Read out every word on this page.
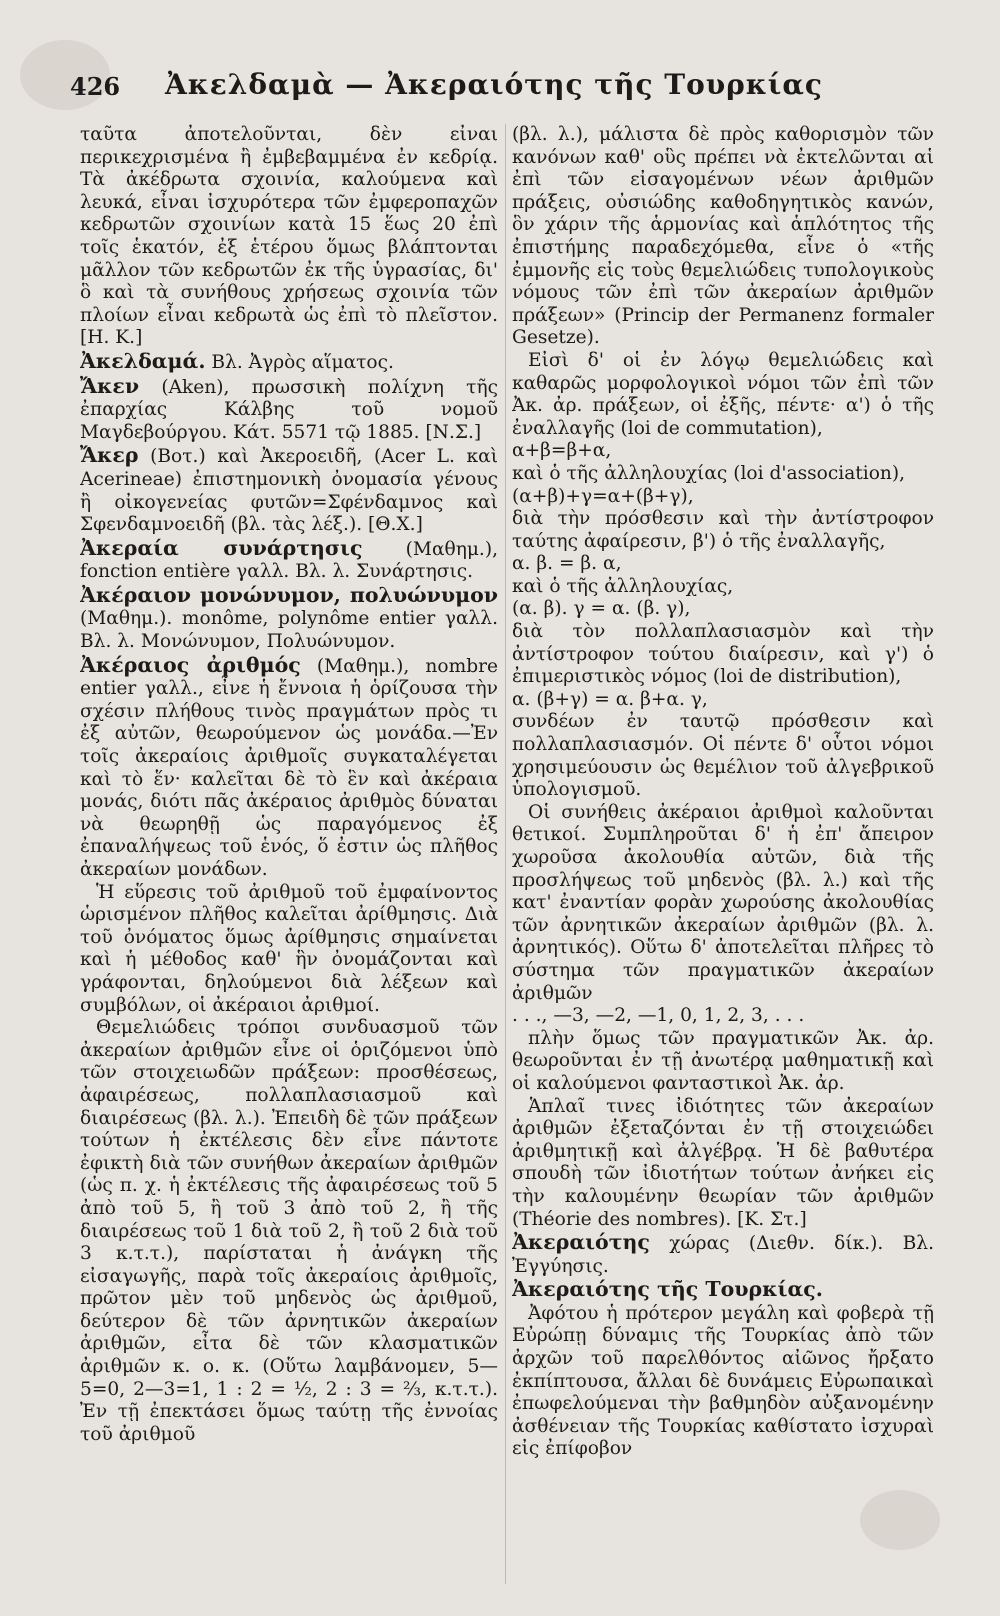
426 Ἀκελδαμὰ — Ἀκεραιότης τῆς Τουρκίας

ταῦτα ἀποτελοῦνται, δὲν εἶναι περικεχρισμένα ἢ ἐμβεβαμμένα ἐν κεδρίᾳ. Τὰ ἀκέδρωτα σχοινία, καλούμενα καὶ λευκά, εἶναι ἰσχυρότερα τῶν ἐμφεροπαχῶν κεδρωτῶν σχοινίων κατὰ 15 ἕως 20 ἐπὶ τοῖς ἑκατόν, ἐξ ἑτέρου ὅμως βλάπτονται μᾶλλον τῶν κεδρωτῶν ἐκ τῆς ὑγρασίας, δι' ὃ καὶ τὰ συνήθους χρήσεως σχοινία τῶν πλοίων εἶναι κεδρωτὰ ὡς ἐπὶ τὸ πλεῖστον. [Η. Κ.]

Ἀκελδαμά. Βλ. Ἀγρὸς αἵματος.

Ἄκεν (Aken), πρωσσικὴ πολίχνη τῆς ἐπαρχίας Κάλβης τοῦ νομοῦ Μαγδεβούργου. Κάτ. 5571 τῷ 1885. [Ν.Σ.]

Ἄκερ (Βοτ.) καὶ Ἀκεροειδῆ, (Acer L. καὶ Acerineae) ἐπιστημονικὴ ὀνομασία γένους ἢ οἰκογενείας φυτῶν=Σφένδαμνος καὶ Σφενδαμνοειδῆ (βλ. τὰς λέξ.). [Θ.Χ.]

Ἀκεραία συνάρτησις (Μαθημ.), fonction entière γαλλ. Βλ. λ. Συνάρτησις.

Ἀκέραιον μονώνυμον, πολυώνυμον (Μαθημ.). monôme, polynôme entier γαλλ. Βλ. λ. Μονώνυμον, Πολυώνυμον.

Ἀκέραιος ἀριθμός (Μαθημ.), nombre entier γαλλ., εἶνε ἡ ἔννοια ἡ ὁρίζουσα τὴν σχέσιν πλήθους τινὸς πραγμάτων πρὸς τι ἐξ αὐτῶν, θεωρούμενον ὡς μονάδα.—Ἐν τοῖς ἀκεραίοις ἀριθμοῖς συγκαταλέγεται καὶ τὸ ἕν· καλεῖται δὲ τὸ ἓν καὶ ἀκέραια μονάς, διότι πᾶς ἀκέραιος ἀριθμὸς δύναται νὰ θεωρηθῇ ὡς παραγόμενος ἐξ ἐπαναλήψεως τοῦ ἑνός, ὅ ἐστιν ὡς πλῆθος ἀκεραίων μονάδων.

Ἡ εὕρεσις τοῦ ἀριθμοῦ τοῦ ἐμφαίνοντος ὡρισμένον πλῆθος καλεῖται ἀρίθμησις. Διὰ τοῦ ὀνόματος ὅμως ἀρίθμησις σημαίνεται καὶ ἡ μέθοδος καθ' ἣν ὀνομάζονται καὶ γράφονται, δηλούμενοι διὰ λέξεων καὶ συμβόλων, οἱ ἀκέραιοι ἀριθμοί.

Θεμελιώδεις τρόποι συνδυασμοῦ τῶν ἀκεραίων ἀριθμῶν εἶνε οἱ ὁριζόμενοι ὑπὸ τῶν στοιχειωδῶν πράξεων: προσθέσεως, ἀφαιρέσεως, πολλαπλασιασμοῦ καὶ διαιρέσεως (βλ. λ.). Ἐπειδὴ δὲ τῶν πράξεων τούτων ἡ ἐκτέλεσις δὲν εἶνε πάντοτε ἐφικτὴ διὰ τῶν συνήθων ἀκεραίων ἀριθμῶν (ὡς π. χ. ἡ ἐκτέλεσις τῆς ἀφαιρέσεως τοῦ 5 ἀπὸ τοῦ 5, ἢ τοῦ 3 ἀπὸ τοῦ 2, ἢ τῆς διαιρέσεως τοῦ 1 διὰ τοῦ 2, ἢ τοῦ 2 διὰ τοῦ 3 κ.τ.τ.), παρίσταται ἡ ἀνάγκη τῆς εἰσαγωγῆς, παρὰ τοῖς ἀκεραίοις ἀριθμοῖς, πρῶτον μὲν τοῦ μηδενὸς ὡς ἀριθμοῦ, δεύτερον δὲ τῶν ἀρνητικῶν ἀκεραίων ἀριθμῶν, εἶτα δὲ τῶν κλασματικῶν ἀριθμῶν κ. ο. κ. (Οὕτω λαμβάνομεν, 5—5=0, 2—3=1, 1 : 2 = ½, 2 : 3 = ⅔, κ.τ.τ.). Ἐν τῇ ἐπεκτάσει ὅμως ταύτῃ τῆς ἐννοίας τοῦ ἀριθμοῦ

(βλ. λ.), μάλιστα δὲ πρὸς καθορισμὸν τῶν κανόνων καθ' οὓς πρέπει νὰ ἐκτελῶνται αἱ ἐπὶ τῶν εἰσαγομένων νέων ἀριθμῶν πράξεις, οὐσιώδης καθοδηγητικὸς κανών, ὃν χάριν τῆς ἁρμονίας καὶ ἁπλότητος τῆς ἐπιστήμης παραδεχόμεθα, εἶνε ὁ «τῆς ἐμμονῆς εἰς τοὺς θεμελιώδεις τυπολογικοὺς νόμους τῶν ἐπὶ τῶν ἀκεραίων ἀριθμῶν πράξεων» (Princip der Permanenz formaler Gesetze).

Εἰσὶ δ' οἱ ἐν λόγῳ θεμελιώδεις καὶ καθαρῶς μορφολογικοὶ νόμοι τῶν ἐπὶ τῶν Ἀκ. ἀρ. πράξεων, οἱ ἐξῆς, πέντε· α') ὁ τῆς ἐναλλαγῆς (loi de commutation),

α+β=β+α,

καὶ ὁ τῆς ἀλληλουχίας (loi d'association),

(α+β)+γ=α+(β+γ),

διὰ τὴν πρόσθεσιν καὶ τὴν ἀντίστροφον ταύτης ἀφαίρεσιν, β') ὁ τῆς ἐναλλαγῆς,

α. β. = β. α,

καὶ ὁ τῆς ἀλληλουχίας,

(α. β). γ = α. (β. γ),

διὰ τὸν πολλαπλασιασμὸν καὶ τὴν ἀντίστροφον τούτου διαίρεσιν, καὶ γ') ὁ ἐπιμεριστικὸς νόμος (loi de distribution),

α. (β+γ) = α. β+α. γ,

συνδέων ἐν ταυτῷ πρόσθεσιν καὶ πολλαπλασιασμόν. Οἱ πέντε δ' οὗτοι νόμοι χρησιμεύουσιν ὡς θεμέλιον τοῦ ἀλγεβρικοῦ ὑπολογισμοῦ.

Οἱ συνήθεις ἀκέραιοι ἀριθμοὶ καλοῦνται θετικοί. Συμπληροῦται δ' ἡ ἐπ' ἄπειρον χωροῦσα ἀκολουθία αὐτῶν, διὰ τῆς προσλήψεως τοῦ μηδενὸς (βλ. λ.) καὶ τῆς κατ' ἐναντίαν φορὰν χωρούσης ἀκολουθίας τῶν ἀρνητικῶν ἀκεραίων ἀριθμῶν (βλ. λ. ἀρνητικός). Οὕτω δ' ἀποτελεῖται πλῆρες τὸ σύστημα τῶν πραγματικῶν ἀκεραίων ἀριθμῶν

. . ., —3, —2, —1, 0, 1, 2, 3, . . .

πλὴν ὅμως τῶν πραγματικῶν Ἀκ. ἀρ. θεωροῦνται ἐν τῇ ἀνωτέρᾳ μαθηματικῇ καὶ οἱ καλούμενοι φανταστικοὶ Ἀκ. ἀρ.

Ἁπλαῖ τινες ἰδιότητες τῶν ἀκεραίων ἀριθμῶν ἐξεταζόνται ἐν τῇ στοιχειώδει ἀριθμητικῇ καὶ ἀλγέβρᾳ. Ἡ δὲ βαθυτέρα σπουδὴ τῶν ἰδιοτήτων τούτων ἀνήκει εἰς τὴν καλουμένην θεωρίαν τῶν ἀριθμῶν (Théorie des nombres). [Κ. Στ.]

Ἀκεραιότης χώρας (Διεθν. δίκ.). Βλ. Ἐγγύησις.

Ἀκεραιότης τῆς Τουρκίας.

Ἀφότου ἡ πρότερον μεγάλη καὶ φοβερὰ τῇ Εὐρώπῃ δύναμις τῆς Τουρκίας ἀπὸ τῶν ἀρχῶν τοῦ παρελθόντος αἰῶνος ἤρξατο ἐκπίπτουσα, ἄλλαι δὲ δυνάμεις Εὐρωπαικαὶ ἐπωφελούμεναι τὴν βαθμηδὸν αὐξανομένην ἀσθένειαν τῆς Τουρκίας καθίστατο ἰσχυραὶ εἰς ἐπίφοβον
